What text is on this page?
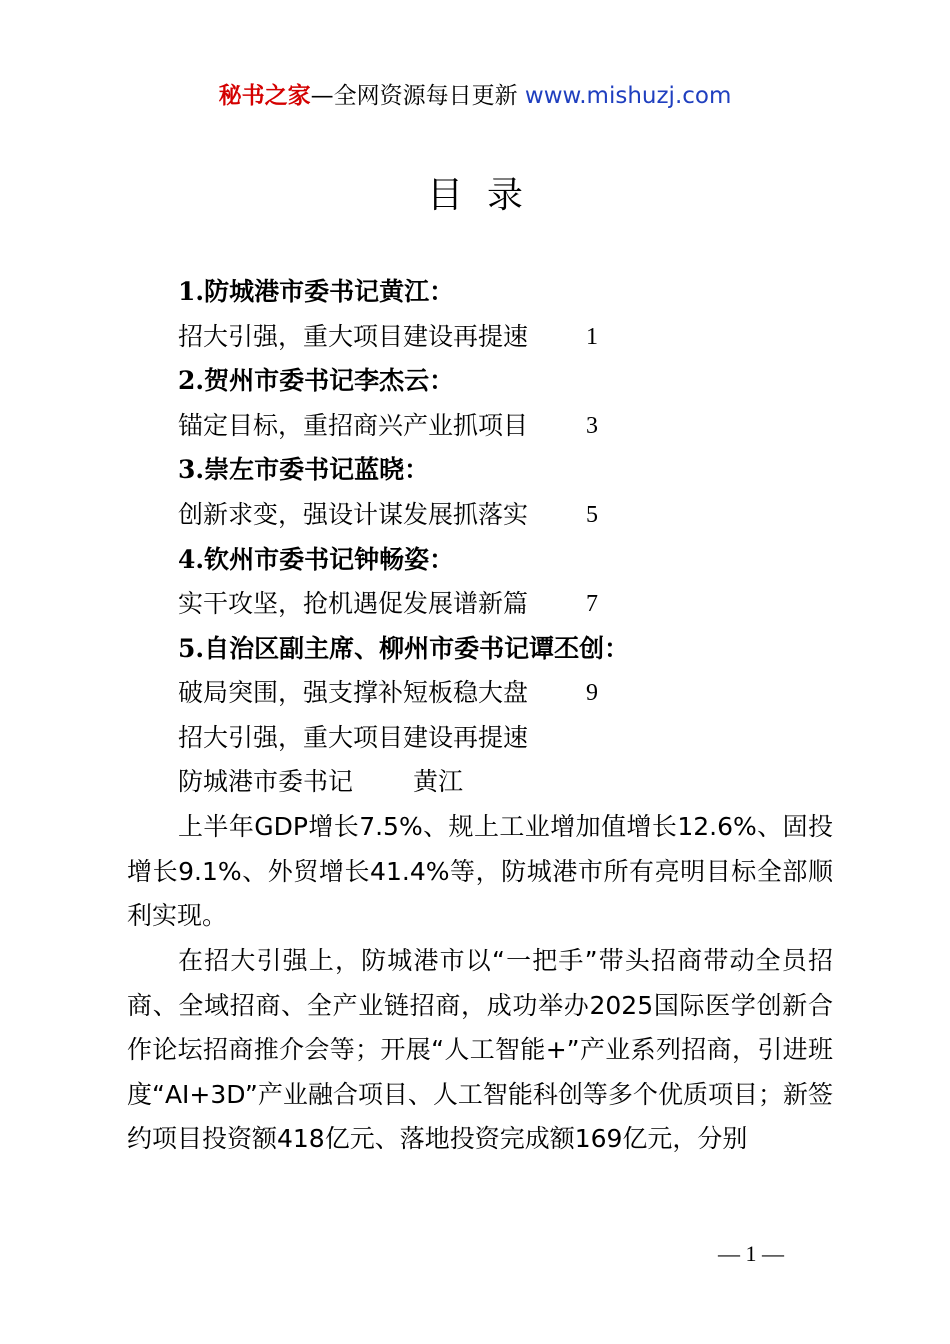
秘书之家—全网资源每日更新 www.mishuzj.com
目录
1.防城港市委书记黄江：
招大引强，重大项目建设再提速 1
2.贺州市委书记李杰云：
锚定目标，重招商兴产业抓项目 3
3.崇左市委书记蓝晓：
创新求变，强设计谋发展抓落实 5
4.钦州市委书记钟畅姿：
实干攻坚，抢机遇促发展谱新篇 7
5.自治区副主席、柳州市委书记谭丕创：
破局突围，强支撑补短板稳大盘 9
招大引强，重大项目建设再提速
防城港市委书记 黄江
上半年GDP增长7.5%、规上工业增加值增长12.6%、固投增长9.1%、外贸增长41.4%等，防城港市所有亮明目标全部顺利实现。
在招大引强上，防城港市以“一把手”带头招商带动全员招商、全域招商、全产业链招商，成功举办2025国际医学创新合作论坛招商推介会等；开展“人工智能+”产业系列招商，引进班度“AI+3D”产业融合项目、人工智能科创等多个优质项目；新签约项目投资额418亿元、落地投资完成额169亿元，分别
— 1 —
